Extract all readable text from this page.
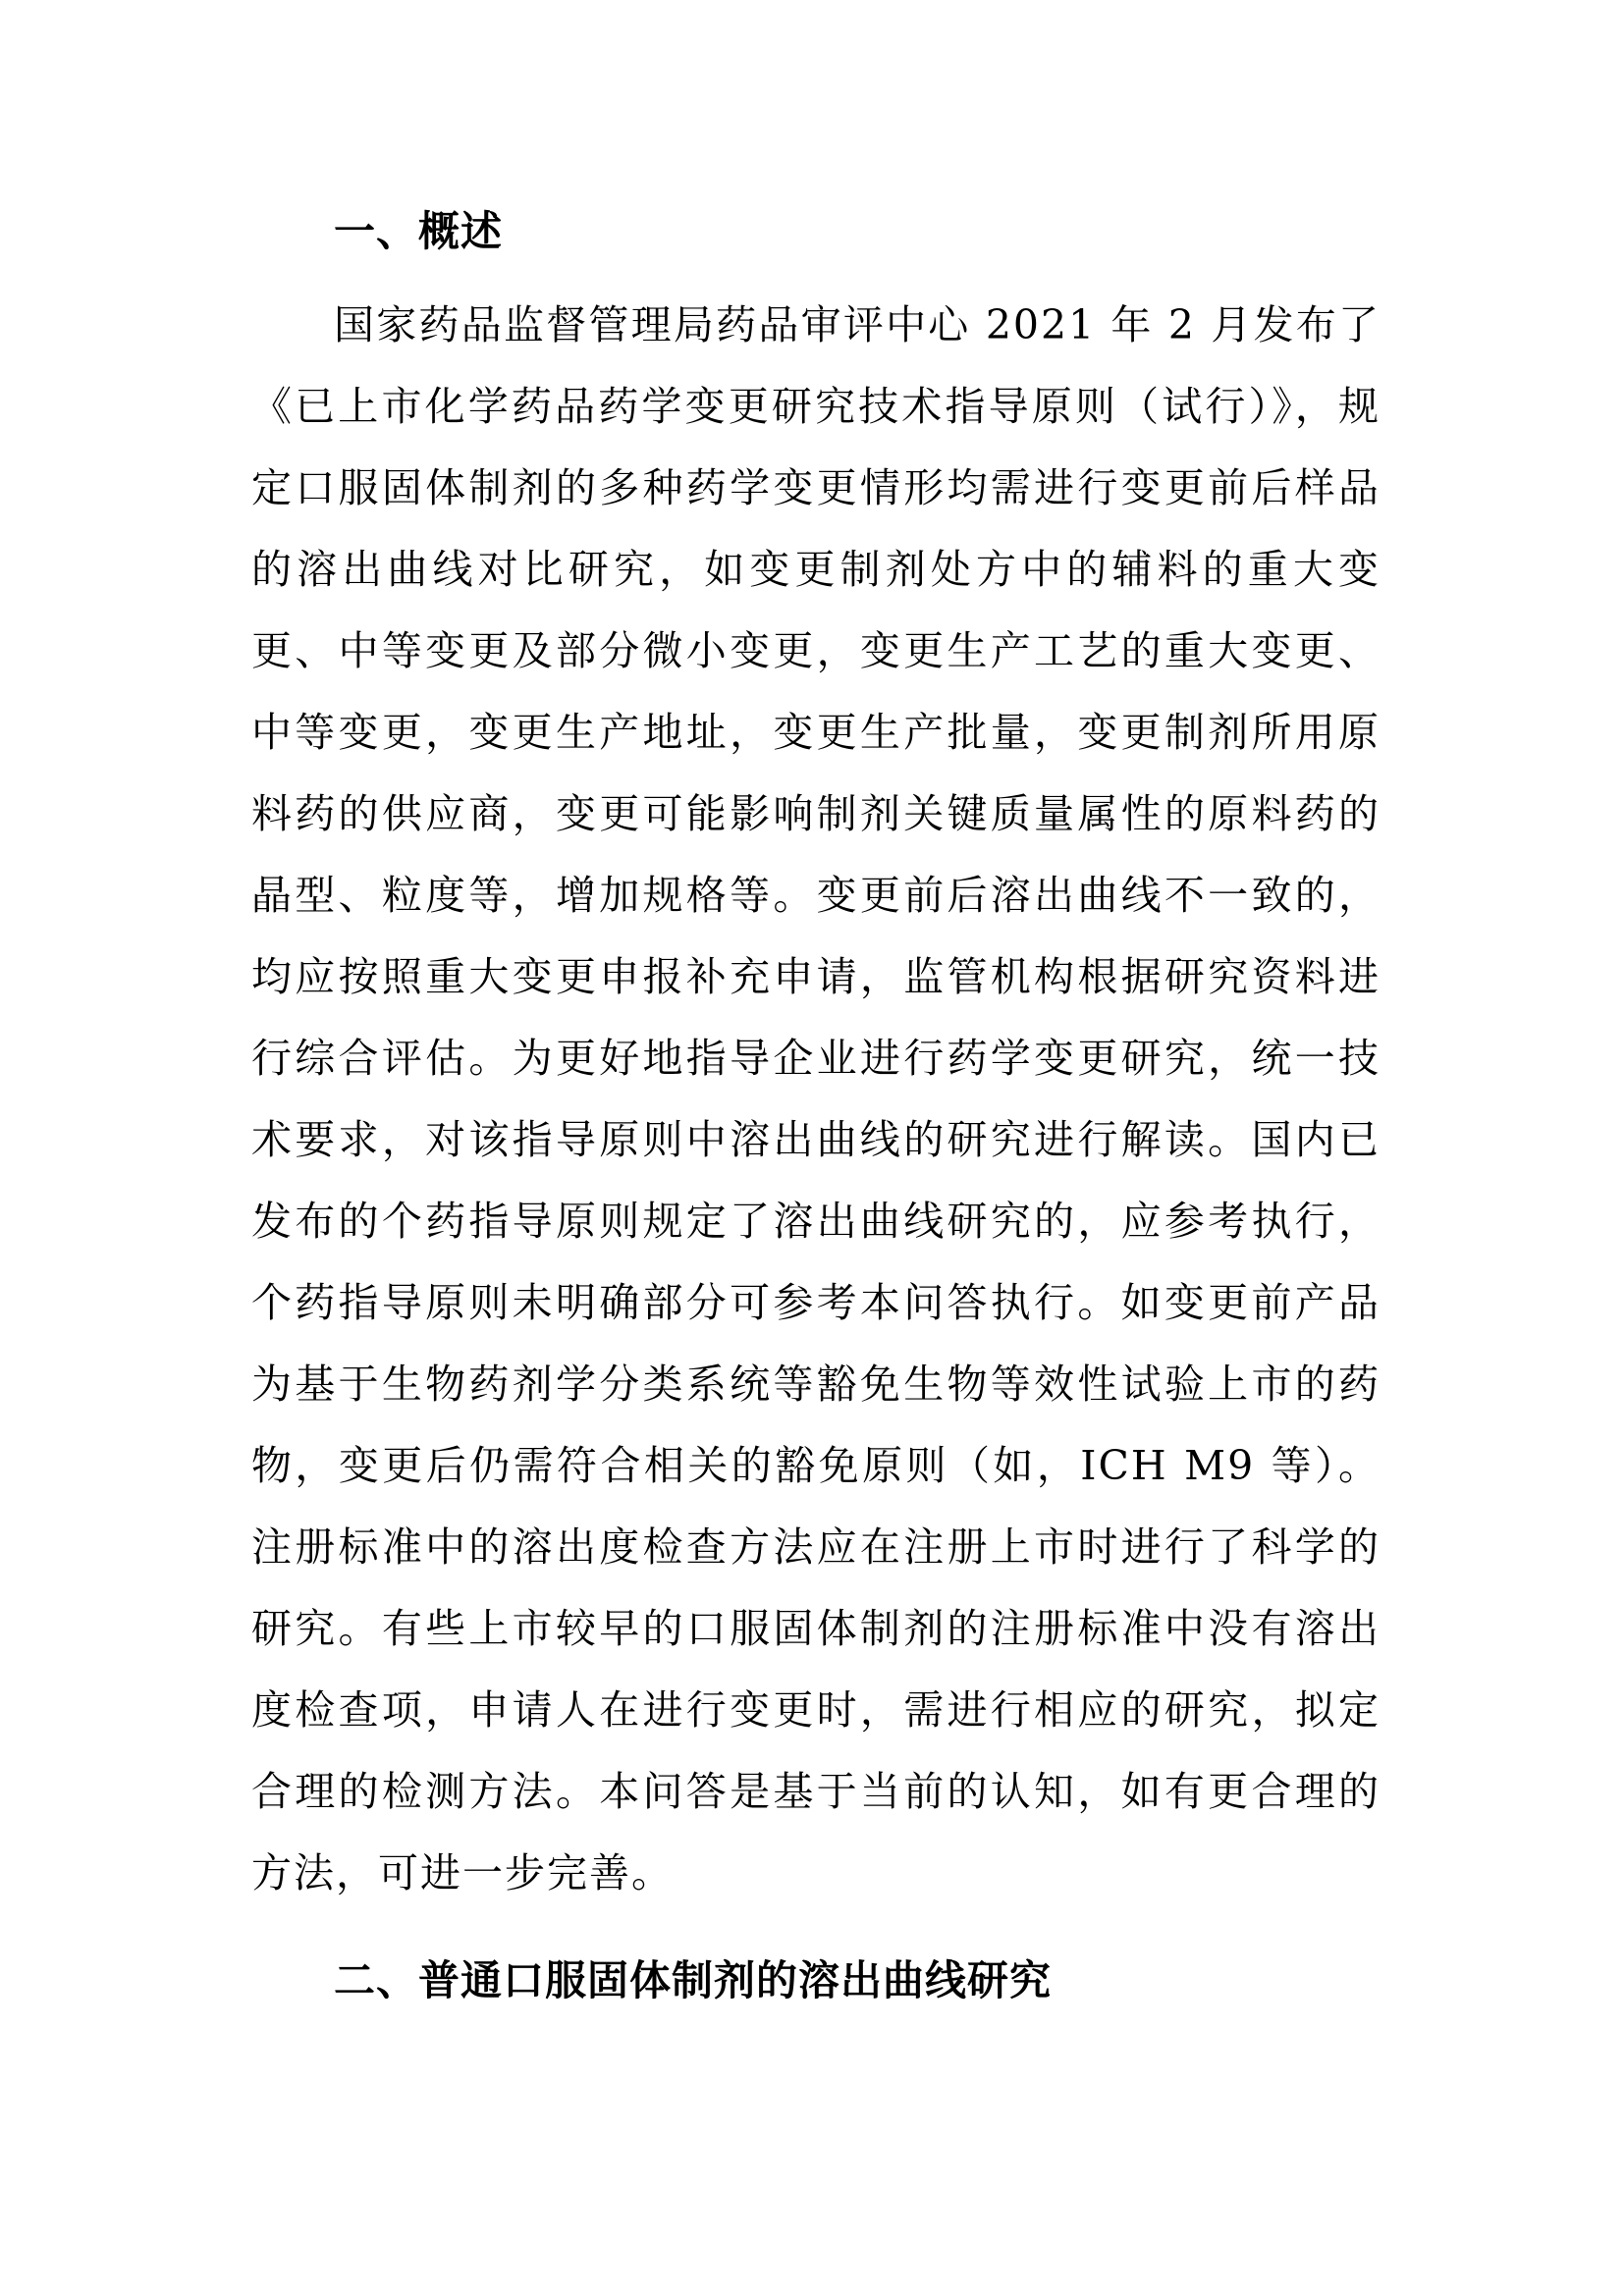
一、概述

国家药品监督管理局药品审评中心 2021 年 2 月发布了《已上市化学药品药学变更研究技术指导原则（试行）》，规定口服固体制剂的多种药学变更情形均需进行变更前后样品的溶出曲线对比研究，如变更制剂处方中的辅料的重大变更、中等变更及部分微小变更，变更生产工艺的重大变更、中等变更，变更生产地址，变更生产批量，变更制剂所用原料药的供应商，变更可能影响制剂关键质量属性的原料药的晶型、粒度等，增加规格等。变更前后溶出曲线不一致的，均应按照重大变更申报补充申请，监管机构根据研究资料进行综合评估。为更好地指导企业进行药学变更研究，统一技术要求，对该指导原则中溶出曲线的研究进行解读。国内已发布的个药指导原则规定了溶出曲线研究的，应参考执行，个药指导原则未明确部分可参考本问答执行。如变更前产品为基于生物药剂学分类系统等豁免生物等效性试验上市的药物，变更后仍需符合相关的豁免原则（如，ICH M9 等）。注册标准中的溶出度检查方法应在注册上市时进行了科学的研究。有些上市较早的口服固体制剂的注册标准中没有溶出度检查项，申请人在进行变更时，需进行相应的研究，拟定合理的检测方法。本问答是基于当前的认知，如有更合理的方法，可进一步完善。

二、普通口服固体制剂的溶出曲线研究
